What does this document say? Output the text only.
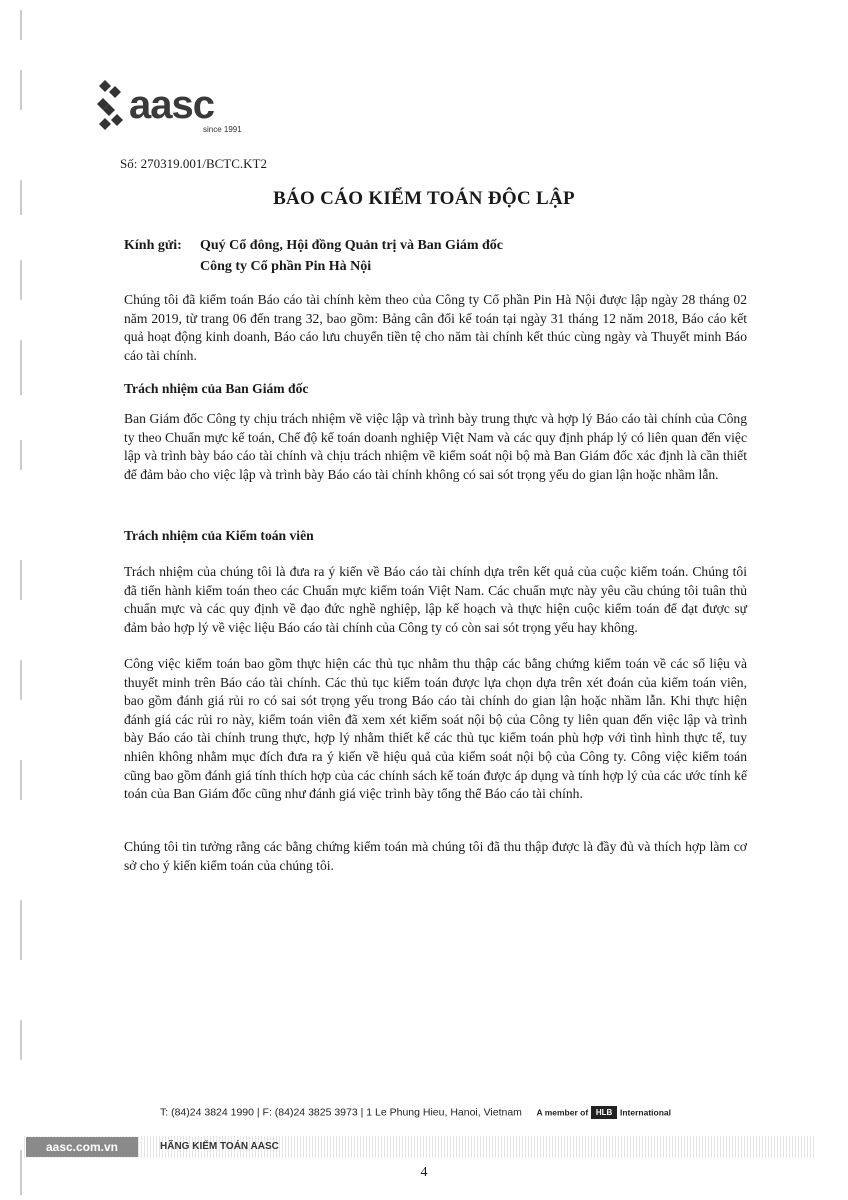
aasc
since 1991
Số: 270319.001/BCTC.KT2
BÁO CÁO KIỂM TOÁN ĐỘC LẬP
Kính gửi:	Quý Cổ đông, Hội đồng Quản trị và Ban Giám đốc
Công ty Cổ phần Pin Hà Nội
Chúng tôi đã kiểm toán Báo cáo tài chính kèm theo của Công ty Cổ phần Pin Hà Nội được lập ngày 28 tháng 02 năm 2019, từ trang 06 đến trang 32, bao gồm: Bảng cân đối kế toán tại ngày 31 tháng 12 năm 2018, Báo cáo kết quả hoạt động kinh doanh, Báo cáo lưu chuyển tiền tệ cho năm tài chính kết thúc cùng ngày và Thuyết minh Báo cáo tài chính.
Trách nhiệm của Ban Giám đốc
Ban Giám đốc Công ty chịu trách nhiệm về việc lập và trình bày trung thực và hợp lý Báo cáo tài chính của Công ty theo Chuẩn mực kế toán, Chế độ kế toán doanh nghiệp Việt Nam và các quy định pháp lý có liên quan đến việc lập và trình bày báo cáo tài chính và chịu trách nhiệm về kiểm soát nội bộ mà Ban Giám đốc xác định là cần thiết để đảm bảo cho việc lập và trình bày Báo cáo tài chính không có sai sót trọng yếu do gian lận hoặc nhầm lẫn.
Trách nhiệm của Kiểm toán viên
Trách nhiệm của chúng tôi là đưa ra ý kiến về Báo cáo tài chính dựa trên kết quả của cuộc kiểm toán. Chúng tôi đã tiến hành kiểm toán theo các Chuẩn mực kiểm toán Việt Nam. Các chuẩn mực này yêu cầu chúng tôi tuân thủ chuẩn mực và các quy định về đạo đức nghề nghiệp, lập kế hoạch và thực hiện cuộc kiểm toán để đạt được sự đảm bảo hợp lý về việc liệu Báo cáo tài chính của Công ty có còn sai sót trọng yếu hay không.
Công việc kiểm toán bao gồm thực hiện các thủ tục nhằm thu thập các bằng chứng kiểm toán về các số liệu và thuyết minh trên Báo cáo tài chính. Các thủ tục kiểm toán được lựa chọn dựa trên xét đoán của kiểm toán viên, bao gồm đánh giá rủi ro có sai sót trọng yếu trong Báo cáo tài chính do gian lận hoặc nhầm lẫn. Khi thực hiện đánh giá các rủi ro này, kiểm toán viên đã xem xét kiểm soát nội bộ của Công ty liên quan đến việc lập và trình bày Báo cáo tài chính trung thực, hợp lý nhằm thiết kế các thủ tục kiểm toán phù hợp với tình hình thực tế, tuy nhiên không nhằm mục đích đưa ra ý kiến về hiệu quả của kiểm soát nội bộ của Công ty. Công việc kiểm toán cũng bao gồm đánh giá tính thích hợp của các chính sách kế toán được áp dụng và tính hợp lý của các ước tính kế toán của Ban Giám đốc cũng như đánh giá việc trình bày tổng thể Báo cáo tài chính.
Chúng tôi tin tưởng rằng các bằng chứng kiểm toán mà chúng tôi đã thu thập được là đầy đủ và thích hợp làm cơ sở cho ý kiến kiểm toán của chúng tôi.
T: (84)24 3824 1990 | F: (84)24 3825 3973 | 1 Le Phung Hieu, Hanoi, Vietnam A member of HLB International
aasc.com.vn	HÃNG KIỂM TOÁN AASC
4
